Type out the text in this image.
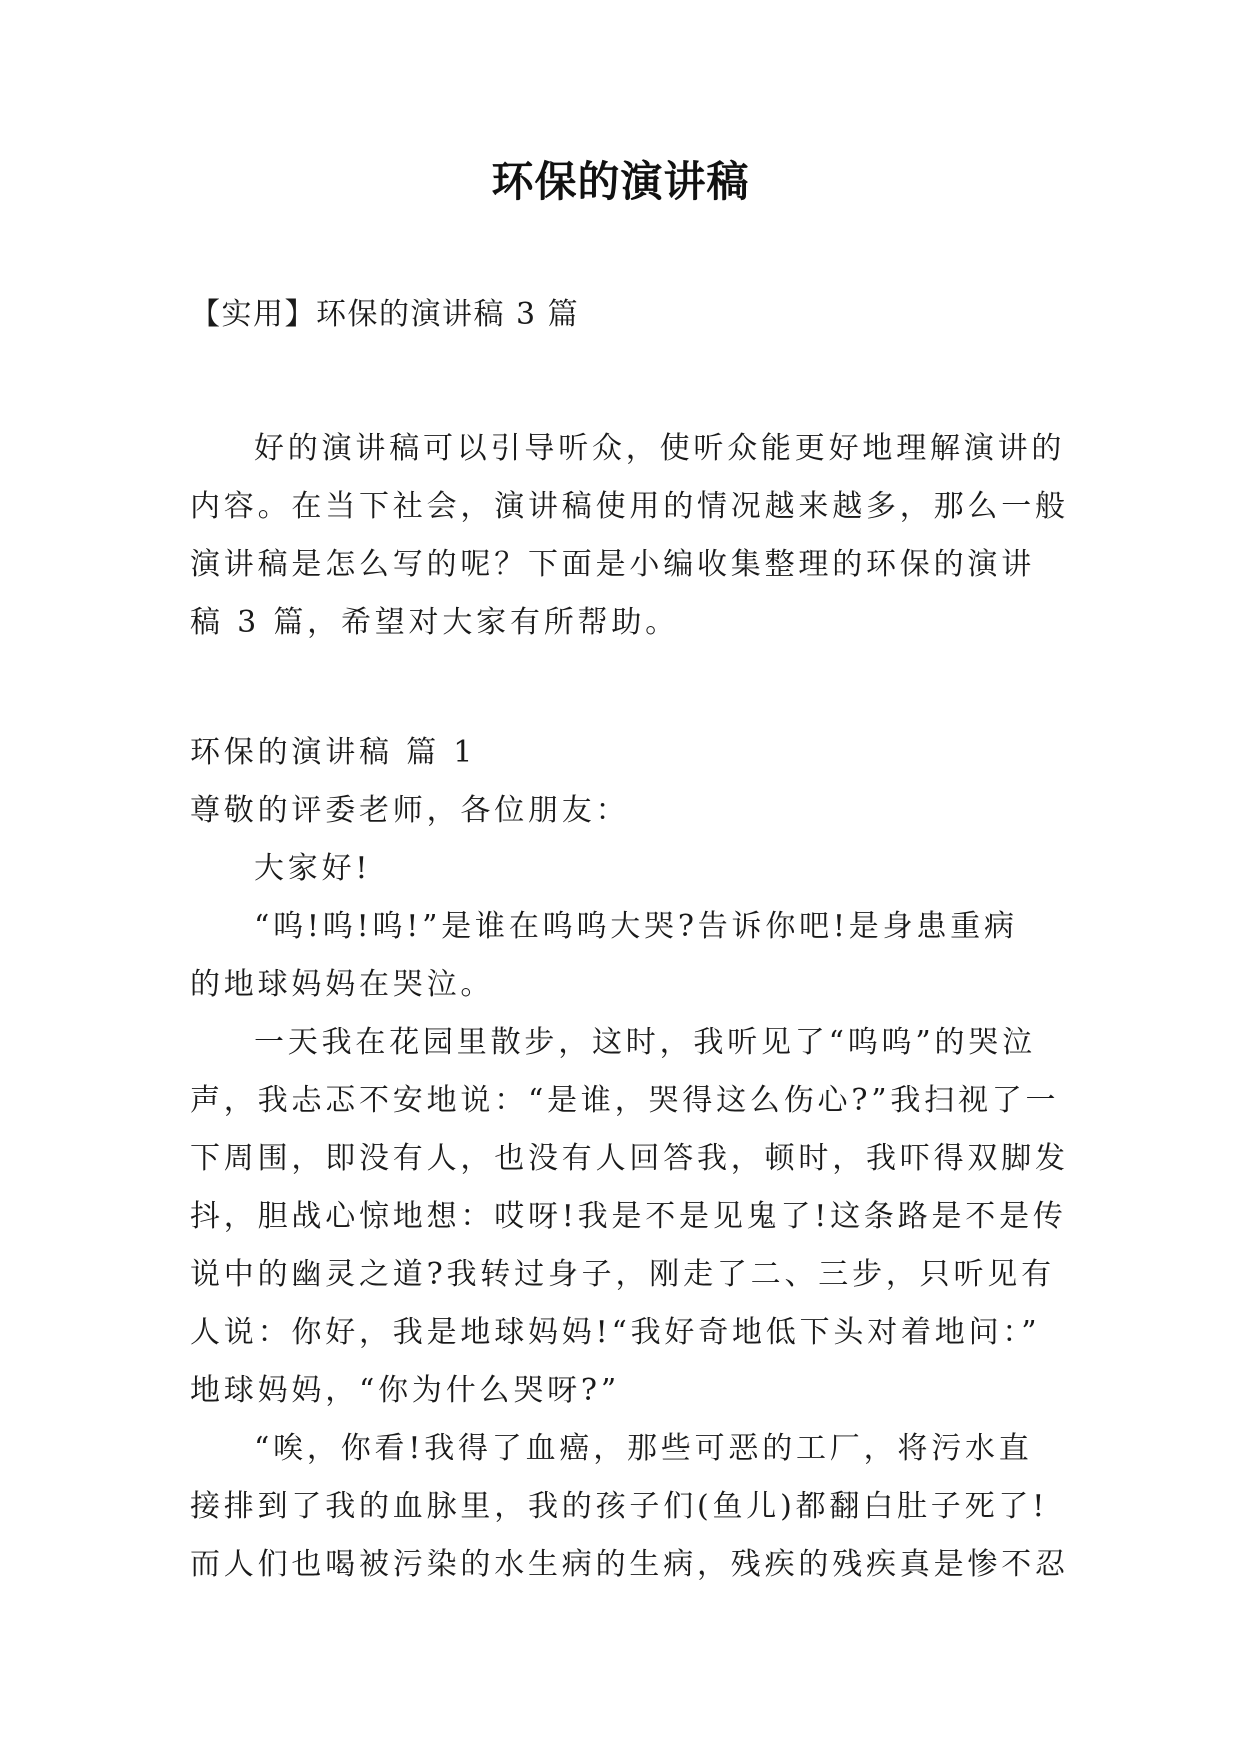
环保的演讲稿

【实用】环保的演讲稿 3 篇

好的演讲稿可以引导听众，使听众能更好地理解演讲的

内容。在当下社会，演讲稿使用的情况越来越多，那么一般

演讲稿是怎么写的呢？下面是小编收集整理的环保的演讲

稿 3 篇，希望对大家有所帮助。

环保的演讲稿 篇 1

尊敬的评委老师，各位朋友：

大家好!

“呜!呜!呜!”是谁在呜呜大哭?告诉你吧!是身患重病

的地球妈妈在哭泣。

一天我在花园里散步，这时，我听见了“呜呜”的哭泣

声，我忐忑不安地说：“是谁，哭得这么伤心?”我扫视了一

下周围，即没有人，也没有人回答我，顿时，我吓得双脚发

抖，胆战心惊地想：哎呀!我是不是见鬼了!这条路是不是传

说中的幽灵之道?我转过身子，刚走了二、三步，只听见有

人说：你好，我是地球妈妈!“我好奇地低下头对着地问：”

地球妈妈，“你为什么哭呀?”

“唉，你看!我得了血癌，那些可恶的工厂，将污水直

接排到了我的血脉里，我的孩子们(鱼儿)都翻白肚子死了!

而人们也喝被污染的水生病的生病，残疾的残疾真是惨不忍
